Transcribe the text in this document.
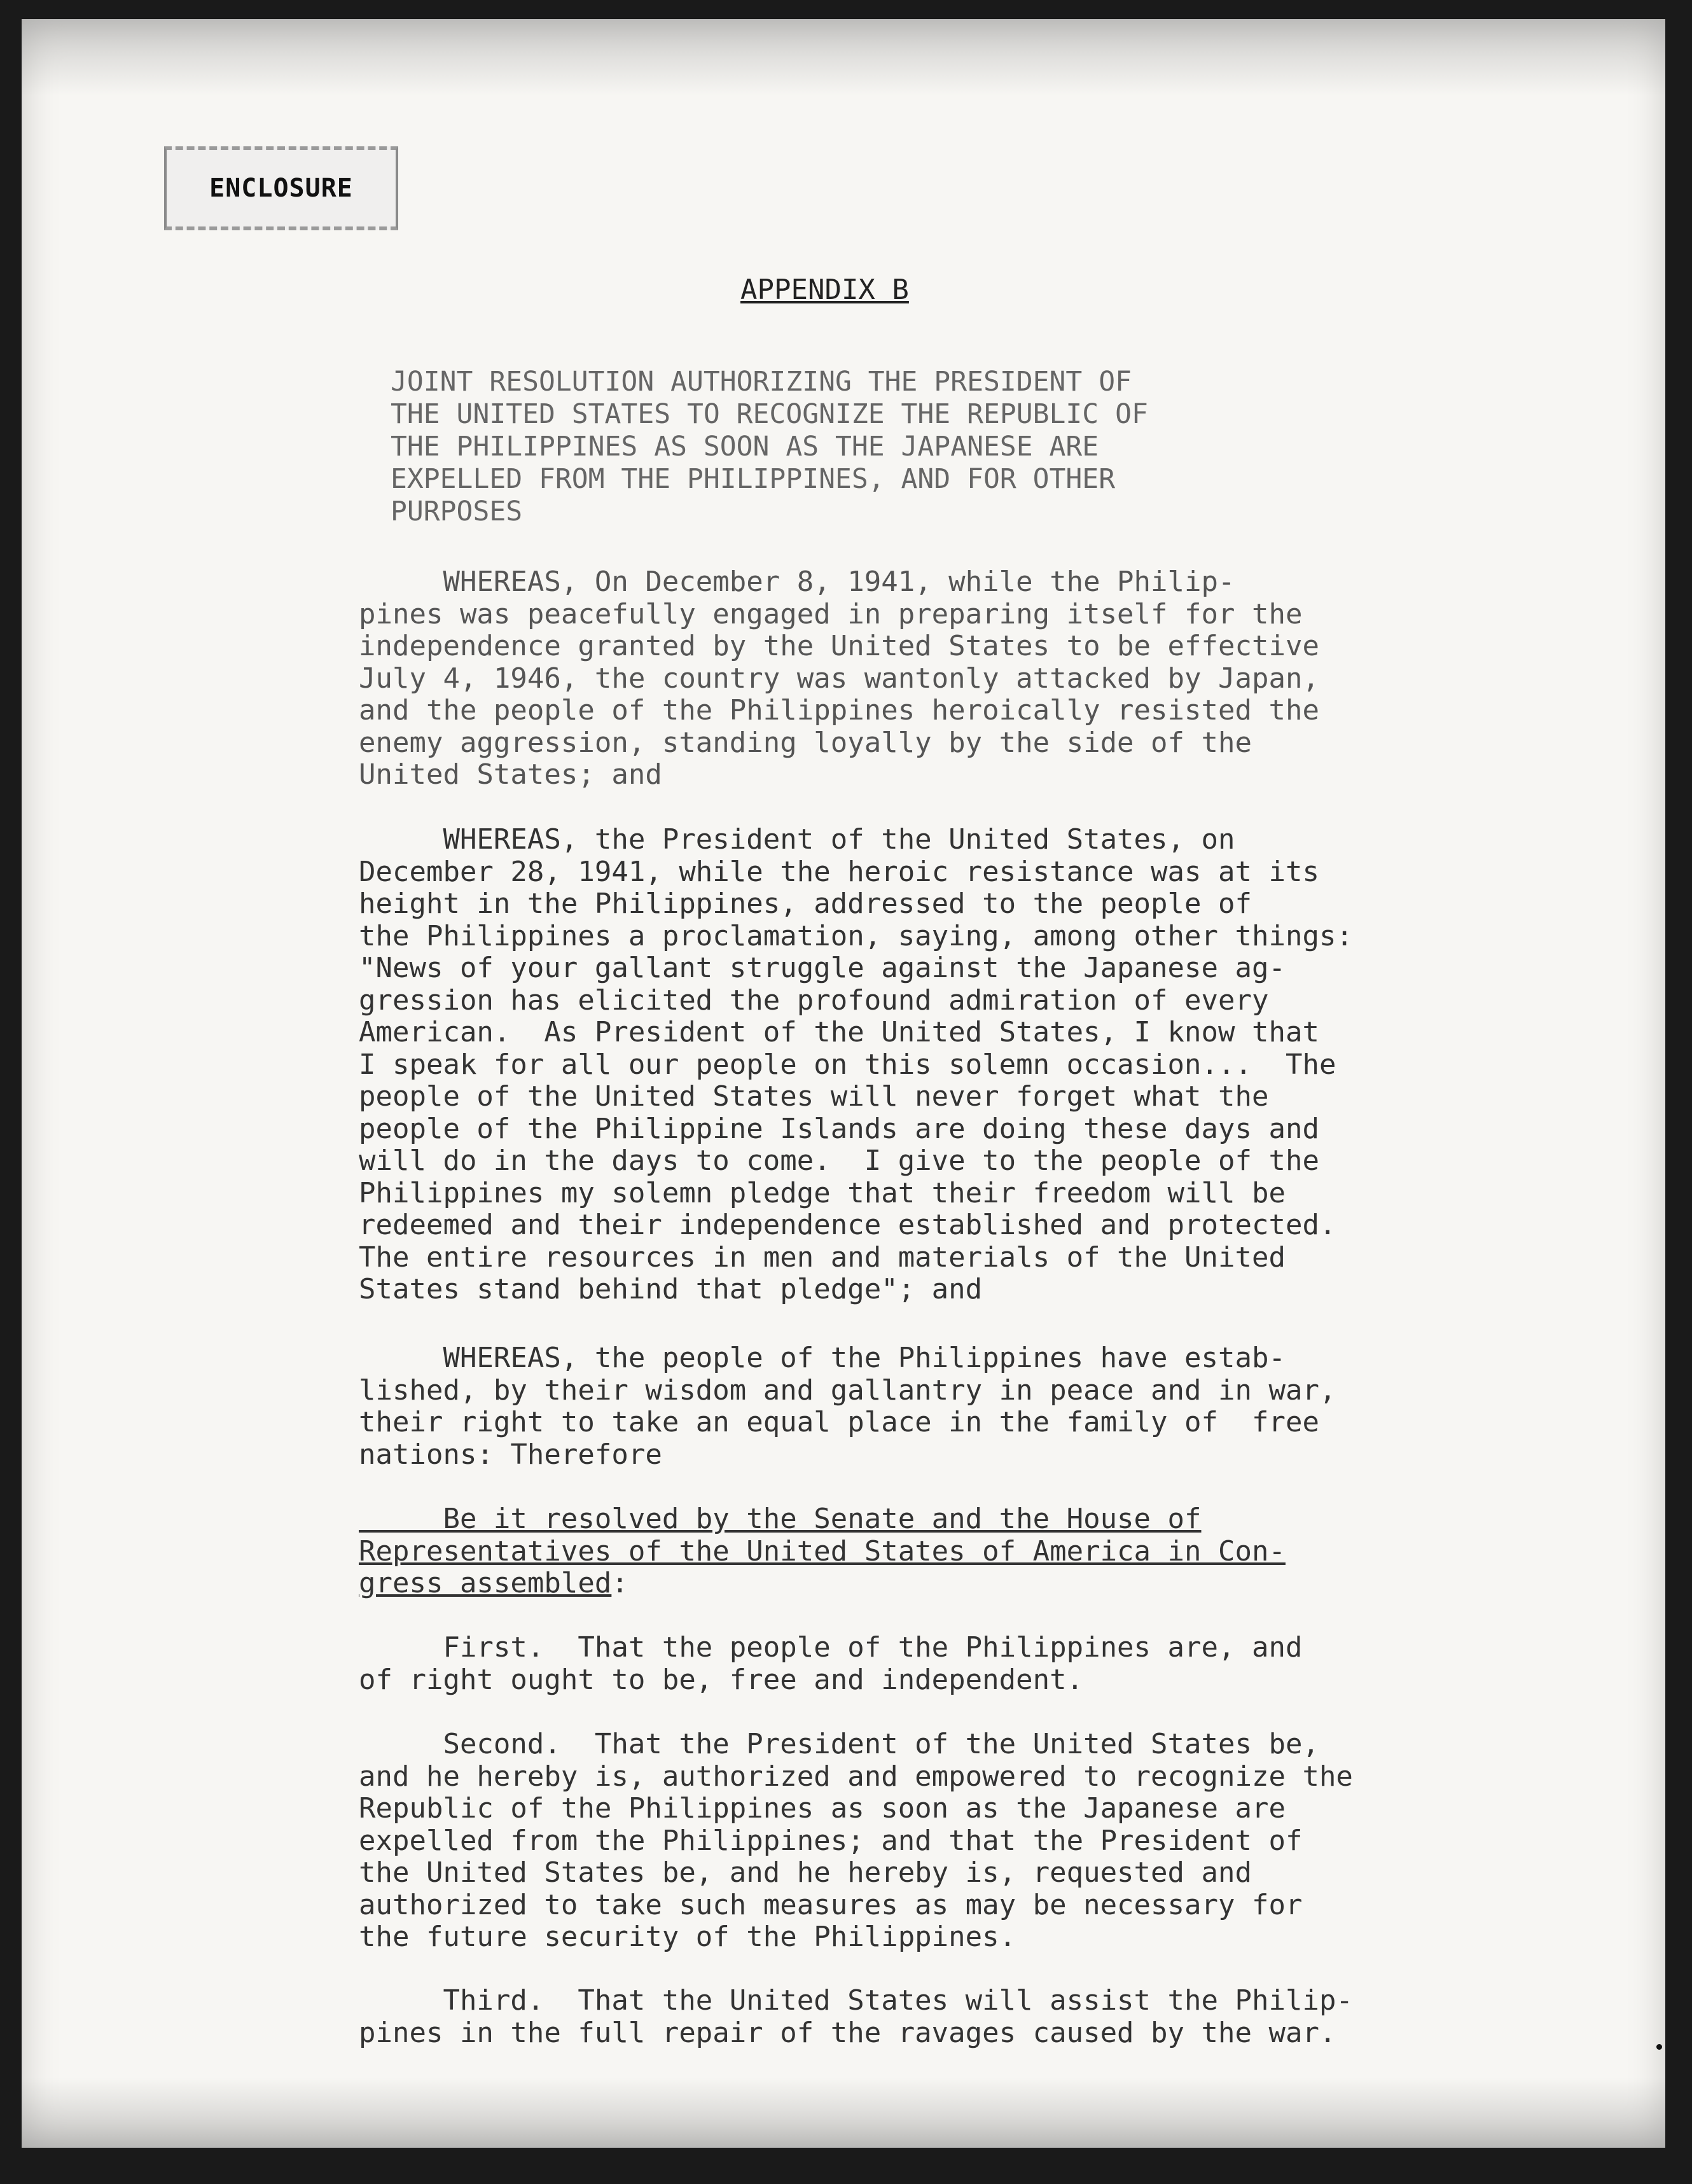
ENCLOSURE
APPENDIX B
JOINT RESOLUTION AUTHORIZING THE PRESIDENT OF
THE UNITED STATES TO RECOGNIZE THE REPUBLIC OF
THE PHILIPPINES AS SOON AS THE JAPANESE ARE
EXPELLED FROM THE PHILIPPINES, AND FOR OTHER
PURPOSES
WHEREAS, On December 8, 1941, while the Philip-
pines was peacefully engaged in preparing itself for the
independence granted by the United States to be effective
July 4, 1946, the country was wantonly attacked by Japan,
and the people of the Philippines heroically resisted the
enemy aggression, standing loyally by the side of the
United States; and
WHEREAS, the President of the United States, on
December 28, 1941, while the heroic resistance was at its
height in the Philippines, addressed to the people of
the Philippines a proclamation, saying, among other things:
"News of your gallant struggle against the Japanese ag-
gression has elicited the profound admiration of every
American.  As President of the United States, I know that
I speak for all our people on this solemn occasion...  The
people of the United States will never forget what the
people of the Philippine Islands are doing these days and
will do in the days to come.  I give to the people of the
Philippines my solemn pledge that their freedom will be
redeemed and their independence established and protected.
The entire resources in men and materials of the United
States stand behind that pledge"; and
WHEREAS, the people of the Philippines have estab-
lished, by their wisdom and gallantry in peace and in war,
their right to take an equal place in the family of  free
nations: Therefore
Be it resolved by the Senate and the House of
Representatives of the United States of America in Con-
gress assembled:
First.  That the people of the Philippines are, and
of right ought to be, free and independent.
Second.  That the President of the United States be,
and he hereby is, authorized and empowered to recognize the
Republic of the Philippines as soon as the Japanese are
expelled from the Philippines; and that the President of
the United States be, and he hereby is, requested and
authorized to take such measures as may be necessary for
the future security of the Philippines.
Third.  That the United States will assist the Philip-
pines in the full repair of the ravages caused by the war.
